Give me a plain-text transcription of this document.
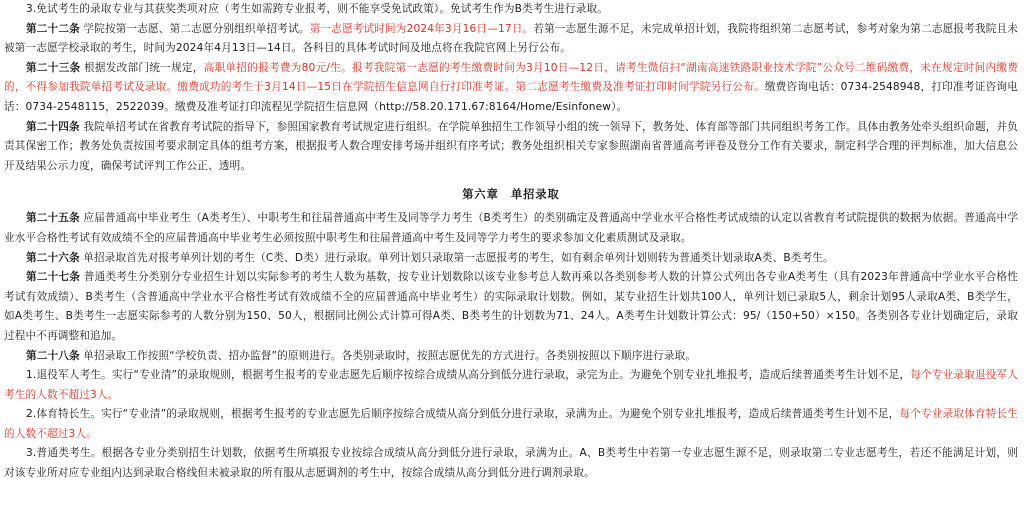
3.免试考生的录取专业与其获奖类项对应（考生如需跨专业报考，则不能享受免试政策）。免试考生作为B类考生进行录取。

第二十二条 学院按第一志愿、第二志愿分别组织单招考试。第一志愿考试时间为2024年3月16日—17日。若第一志愿生源不足，未完成单招计划，我院将组织第二志愿考试，参考对象为第二志愿报考我院且未被第一志愿学校录取的考生，时间为2024年4月13日—14日。各科目的具体考试时间及地点将在我院官网上另行公布。

第二十三条 根据发改部门统一规定，高职单招的报考费为80元/生。报考我院第一志愿的考生缴费时间为3月10日—12日，请考生微信扫“湖南高速铁路职业技术学院”公众号二维码缴费，未在规定时间内缴费的，不得参加我院单招考试及录取。缴费成功的考生于3月14日—15日在学院招生信息网自行打印准考证。第二志愿考生缴费及准考证打印时间学院另行公布。缴费咨询电话：0734-2548948，打印准考证咨询电话：0734-2548115，2522039。缴费及准考证打印流程见学院招生信息网（http://58.20.171.67:8164/Home/Esinfonew）。

第二十四条 我院单招考试在省教育考试院的指导下，参照国家教育考试规定进行组织。在学院单独招生工作领导小组的统一领导下，教务处、体育部等部门共同组织考务工作。具体由教务处牵头组织命题，并负责其保密工作；教务处负责按国考要求制定具体的组考方案，根据报考人数合理安排考场并组织有序考试；教务处组织相关专家参照湖南省普通高考评卷及登分工作有关要求，制定科学合理的评判标准，加大信息公开及结果公示力度，确保考试评判工作公正、透明。

第六章　单招录取

第二十五条 应届普通高中毕业考生（A类考生）、中职考生和往届普通高中考生及同等学力考生（B类考生）的类别确定及普通高中学业水平合格性考试成绩的认定以省教育考试院提供的数据为依据。普通高中学业水平合格性考试有效成绩不全的应届普通高中毕业考生必须按照中职考生和往届普通高中考生及同等学力考生的要求参加文化素质测试及录取。

第二十六条 单招录取首先对报考单列计划的考生（C类、D类）进行录取。单列计划只录取第一志愿报考的考生，如有剩余单列计划则转为普通类计划录取A类、B类考生。

第二十七条 普通类考生分类别分专业招生计划以实际参考的考生人数为基数，按专业计划数除以该专业参考总人数再乘以各类别参考人数的计算公式列出各专业A类考生（具有2023年普通高中学业水平合格性考试有效成绩）、B类考生（含普通高中学业水平合格性考试有效成绩不全的应届普通高中毕业考生）的实际录取计划数。例如，某专业招生计划共100人，单列计划已录取5人，剩余计划95人录取A类、B类学生，如A类考生、B类考生一志愿实际参考的人数分别为150、50人，根据同比例公式计算可得A类、B类考生的计划数为71、24人。A类考生计划数计算公式：95/（150+50）×150。各类别各专业计划确定后，录取过程中不再调整和追加。

第二十八条 单招录取工作按照“学校负责、招办监督”的原则进行。各类别录取时，按照志愿优先的方式进行。各类别按照以下顺序进行录取。

1.退役军人考生。实行“专业清”的录取规则，根据考生报考的专业志愿先后顺序按综合成绩从高分到低分进行录取，录完为止。为避免个别专业扎堆报考，造成后续普通类考生计划不足，每个专业录取退役军人考生的人数不超过3人。

2.体育特长生。实行“专业清”的录取规则，根据考生报考的专业志愿先后顺序按综合成绩从高分到低分进行录取，录满为止。为避免个别专业扎堆报考，造成后续普通类考生计划不足，每个专业录取体育特长生的人数不超过3人。

3.普通类考生。根据各专业分类别招生计划数，依据考生所填报专业按综合成绩从高分到低分进行录取，录满为止。A、B类考生中若第一专业志愿生源不足，则录取第二专业志愿考生，若还不能满足计划，则对该专业所对应专业组内达到录取合格线但未被录取的所有服从志愿调剂的考生中，按综合成绩从高分到低分进行调剂录取。
